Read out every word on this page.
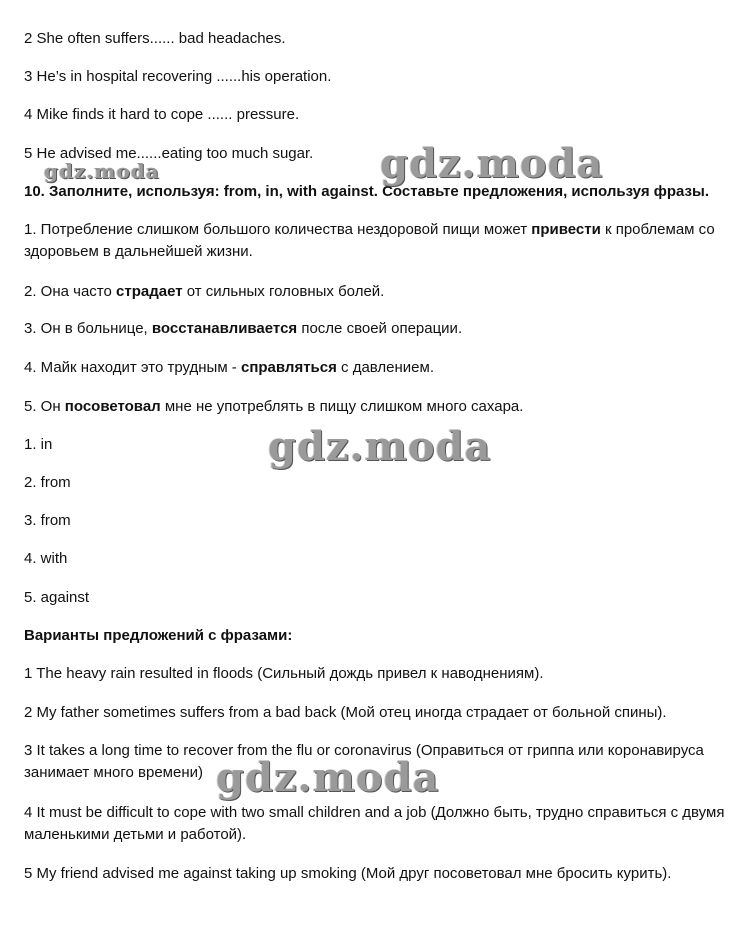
2 She often suffers...... bad headaches.
3 He’s in hospital recovering ......his operation.
4 Mike finds it hard to cope ...... pressure.
5 He advised me......eating too much sugar.
10. Заполните, используя: from, in, with against. Составьте предложения, используя фразы.
1. Потребление слишком большого количества нездоровой пищи может привести к проблемам со здоровьем в дальнейшей жизни.
2. Она часто страдает от сильных головных болей.
3. Он в больнице, восстанавливается после своей операции.
4. Майк находит это трудным - справляться с давлением.
5. Он посоветовал мне не употреблять в пищу слишком много сахара.
1. in
2. from
3. from
4. with
5. against
Варианты предложений с фразами:
1 The heavy rain resulted in floods (Сильный дождь привел к наводнениям).
2 My father sometimes suffers from a bad back (Мой отец иногда страдает от больной спины).
3 It takes a long time to recover from the flu or coronavirus (Оправиться от гриппа или коронавируса занимает много времени)
4 It must be difficult to cope with two small children and a job (Должно быть, трудно справиться с двумя маленькими детьми и работой).
5 My friend advised me against taking up smoking (Мой друг посоветовал мне бросить курить).
gdz.moda	gdz.moda
gdz.moda
gdz.moda
